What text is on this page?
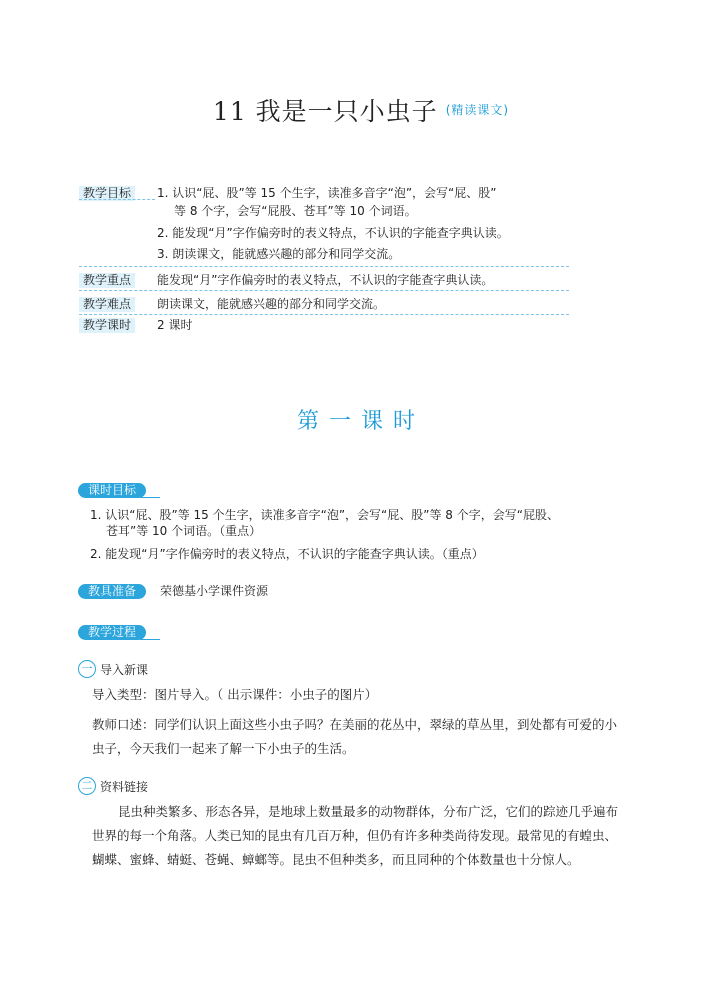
11 我是一只小虫子 $^{(精读课文)}$
教学目标	1. 认识“屁、股”等 15 个生字，读准多音字“泡”，会写“屁、股”
等 8 个字，会写“屁股、苍耳”等 10 个词语。
2. 能发现“月”字作偏旁时的表义特点，不认识的字能查字典认读。
3. 朗读课文，能就感兴趣的部分和同学交流。
教学重点	能发现“月”字作偏旁时的表义特点，不认识的字能查字典认读。
教学难点	朗读课文，能就感兴趣的部分和同学交流。
教学课时	2 课时
第一课时
课时目标
1. 认识“屁、股”等 15 个生字，读准多音字“泡”，会写“屁、股”等 8 个字，会写“屁股、
苍耳”等 10 个词语。（重点）
2. 能发现“月”字作偏旁时的表义特点，不认识的字能查字典认读。（重点）
教具准备	荣德基小学课件资源
教学过程
一 导入新课
导入类型：图片导入。（ 出示课件：小虫子的图片）
教师口述：同学们认识上面这些小虫子吗？在美丽的花丛中，翠绿的草丛里，到处都有可爱的小
虫子，今天我们一起来了解一下小虫子的生活。
二 资料链接
昆虫种类繁多、形态各异，是地球上数量最多的动物群体，分布广泛，它们的踪迹几乎遍布
世界的每一个角落。人类已知的昆虫有几百万种，但仍有许多种类尚待发现。最常见的有蝗虫、
蝴蝶、蜜蜂、蜻蜓、苍蝇、蟑螂等。昆虫不但种类多，而且同种的个体数量也十分惊人。
